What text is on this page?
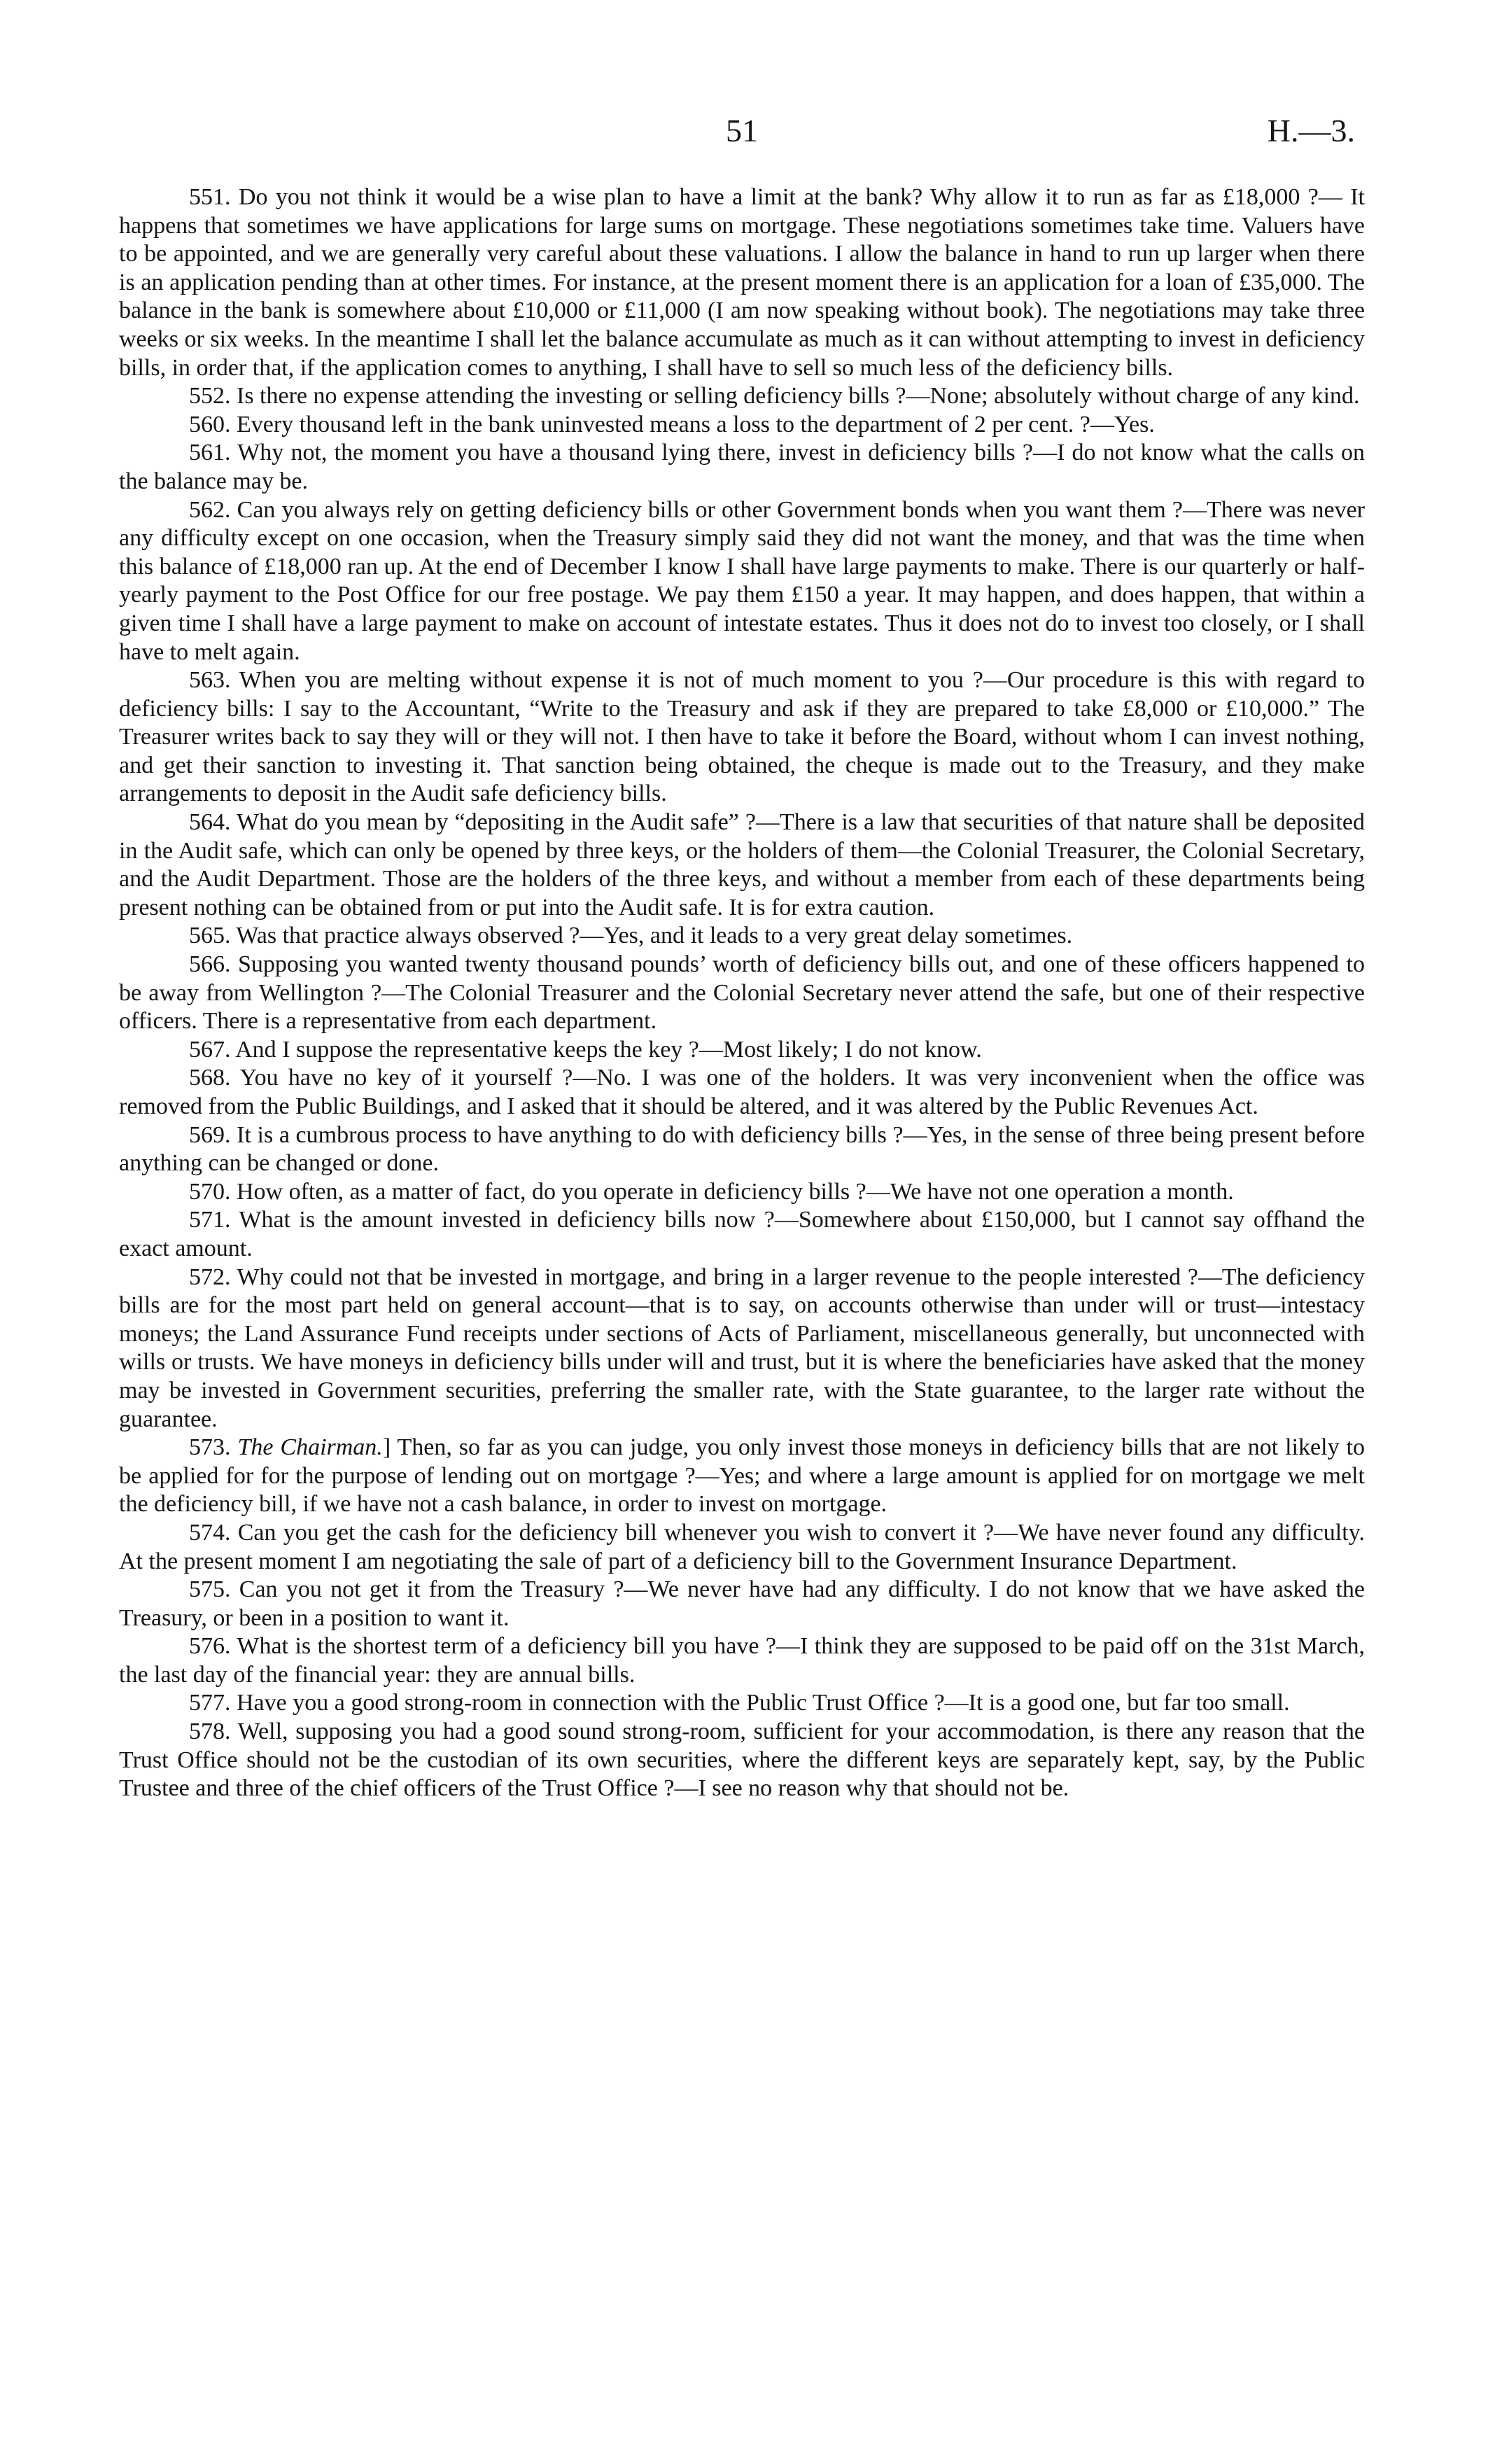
51	H.—3.

551. Do you not think it would be a wise plan to have a limit at the bank? Why allow it to run as far as £18,000 ?— It happens that sometimes we have applications for large sums on mortgage. These negotiations sometimes take time. Valuers have to be appointed, and we are generally very careful about these valuations. I allow the balance in hand to run up larger when there is an application pending than at other times. For instance, at the present moment there is an application for a loan of £35,000. The balance in the bank is somewhere about £10,000 or £11,000 (I am now speaking without book). The negotiations may take three weeks or six weeks. In the meantime I shall let the balance accumulate as much as it can without attempting to invest in deficiency bills, in order that, if the application comes to anything, I shall have to sell so much less of the deficiency bills.

552. Is there no expense attending the investing or selling deficiency bills ?—None; absolutely without charge of any kind.

560. Every thousand left in the bank uninvested means a loss to the department of 2 per cent. ?—Yes.

561. Why not, the moment you have a thousand lying there, invest in deficiency bills ?—I do not know what the calls on the balance may be.

562. Can you always rely on getting deficiency bills or other Government bonds when you want them ?—There was never any difficulty except on one occasion, when the Treasury simply said they did not want the money, and that was the time when this balance of £18,000 ran up. At the end of December I know I shall have large payments to make. There is our quarterly or half-yearly payment to the Post Office for our free postage. We pay them £150 a year. It may happen, and does happen, that within a given time I shall have a large payment to make on account of intestate estates. Thus it does not do to invest too closely, or I shall have to melt again.

563. When you are melting without expense it is not of much moment to you ?—Our procedure is this with regard to deficiency bills: I say to the Accountant, “Write to the Treasury and ask if they are prepared to take £8,000 or £10,000.” The Treasurer writes back to say they will or they will not. I then have to take it before the Board, without whom I can invest nothing, and get their sanction to investing it. That sanction being obtained, the cheque is made out to the Treasury, and they make arrangements to deposit in the Audit safe deficiency bills.

564. What do you mean by “depositing in the Audit safe” ?—There is a law that securities of that nature shall be deposited in the Audit safe, which can only be opened by three keys, or the holders of them—the Colonial Treasurer, the Colonial Secretary, and the Audit Department. Those are the holders of the three keys, and without a member from each of these departments being present nothing can be obtained from or put into the Audit safe. It is for extra caution.

565. Was that practice always observed ?—Yes, and it leads to a very great delay sometimes.

566. Supposing you wanted twenty thousand pounds’ worth of deficiency bills out, and one of these officers happened to be away from Wellington ?—The Colonial Treasurer and the Colonial Secretary never attend the safe, but one of their respective officers. There is a representative from each department.

567. And I suppose the representative keeps the key ?—Most likely; I do not know.

568. You have no key of it yourself ?—No. I was one of the holders. It was very inconvenient when the office was removed from the Public Buildings, and I asked that it should be altered, and it was altered by the Public Revenues Act.

569. It is a cumbrous process to have anything to do with deficiency bills ?—Yes, in the sense of three being present before anything can be changed or done.

570. How often, as a matter of fact, do you operate in deficiency bills ?—We have not one operation a month.

571. What is the amount invested in deficiency bills now ?—Somewhere about £150,000, but I cannot say offhand the exact amount.

572. Why could not that be invested in mortgage, and bring in a larger revenue to the people interested ?—The deficiency bills are for the most part held on general account—that is to say, on accounts otherwise than under will or trust—intestacy moneys; the Land Assurance Fund receipts under sections of Acts of Parliament, miscellaneous generally, but unconnected with wills or trusts. We have moneys in deficiency bills under will and trust, but it is where the beneficiaries have asked that the money may be invested in Government securities, preferring the smaller rate, with the State guarantee, to the larger rate without the guarantee.

573. The Chairman.] Then, so far as you can judge, you only invest those moneys in deficiency bills that are not likely to be applied for for the purpose of lending out on mortgage ?—Yes; and where a large amount is applied for on mortgage we melt the deficiency bill, if we have not a cash balance, in order to invest on mortgage.

574. Can you get the cash for the deficiency bill whenever you wish to convert it ?—We have never found any difficulty. At the present moment I am negotiating the sale of part of a deficiency bill to the Government Insurance Department.

575. Can you not get it from the Treasury ?—We never have had any difficulty. I do not know that we have asked the Treasury, or been in a position to want it.

576. What is the shortest term of a deficiency bill you have ?—I think they are supposed to be paid off on the 31st March, the last day of the financial year: they are annual bills.

577. Have you a good strong-room in connection with the Public Trust Office ?—It is a good one, but far too small.

578. Well, supposing you had a good sound strong-room, sufficient for your accommodation, is there any reason that the Trust Office should not be the custodian of its own securities, where the different keys are separately kept, say, by the Public Trustee and three of the chief officers of the Trust Office ?—I see no reason why that should not be.
